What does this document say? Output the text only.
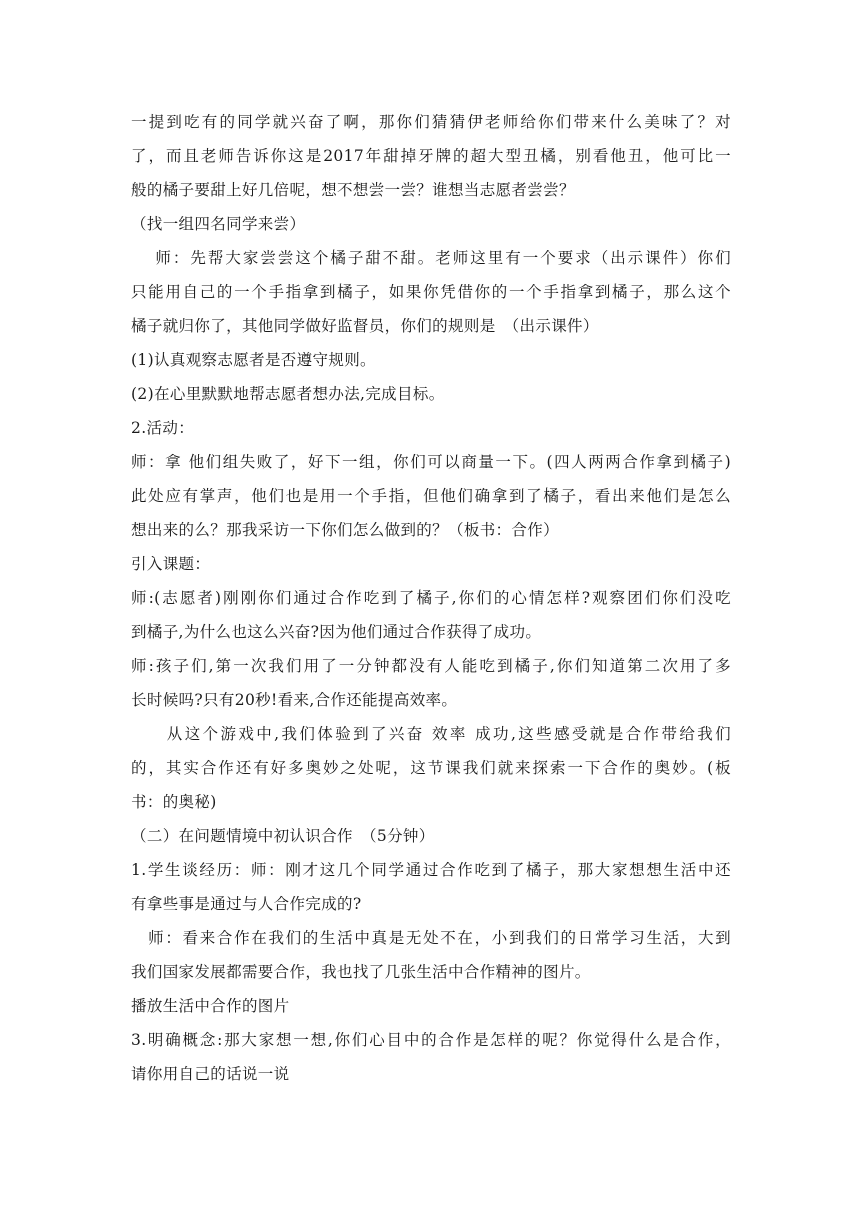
一提到吃有的同学就兴奋了啊，那你们猜猜伊老师给你们带来什么美味了？对
了，而且老师告诉你这是2017年甜掉牙牌的超大型丑橘，别看他丑，他可比一
般的橘子要甜上好几倍呢，想不想尝一尝？谁想当志愿者尝尝？
（找一组四名同学来尝）
　 师：先帮大家尝尝这个橘子甜不甜。老师这里有一个要求（出示课件）你们
只能用自己的一个手指拿到橘子，如果你凭借你的一个手指拿到橘子，那么这个
橘子就归你了，其他同学做好监督员，你们的规则是　（出示课件）
(1)认真观察志愿者是否遵守规则。
(2)在心里默默地帮志愿者想办法,完成目标。
2.活动：
师：拿 他们组失败了，好下一组，你们可以商量一下。(四人两两合作拿到橘子)
此处应有掌声，他们也是用一个手指，但他们确拿到了橘子，看出来他们是怎么
想出来的么？那我采访一下你们怎么做到的？（板书：合作）
引入课题：
师:(志愿者)刚刚你们通过合作吃到了橘子,你们的心情怎样?观察团们你们没吃
到橘子,为什么也这么兴奋?因为他们通过合作获得了成功。
师:孩子们,第一次我们用了一分钟都没有人能吃到橘子,你们知道第二次用了多
长时候吗?只有20秒!看来,合作还能提高效率。
　　从这个游戏中,我们体验到了兴奋 效率 成功,这些感受就是合作带给我们
的，其实合作还有好多奥妙之处呢，这节课我们就来探索一下合作的奥妙。(板
书：的奥秘)
（二）在问题情境中初认识合作　（5分钟）
1.学生谈经历：师：刚才这几个同学通过合作吃到了橘子，那大家想想生活中还
有拿些事是通过与人合作完成的?
　师：看来合作在我们的生活中真是无处不在，小到我们的日常学习生活，大到
我们国家发展都需要合作，我也找了几张生活中合作精神的图片。
播放生活中合作的图片
3.明确概念:那大家想一想,你们心目中的合作是怎样的呢？你觉得什么是合作，
请你用自己的话说一说
